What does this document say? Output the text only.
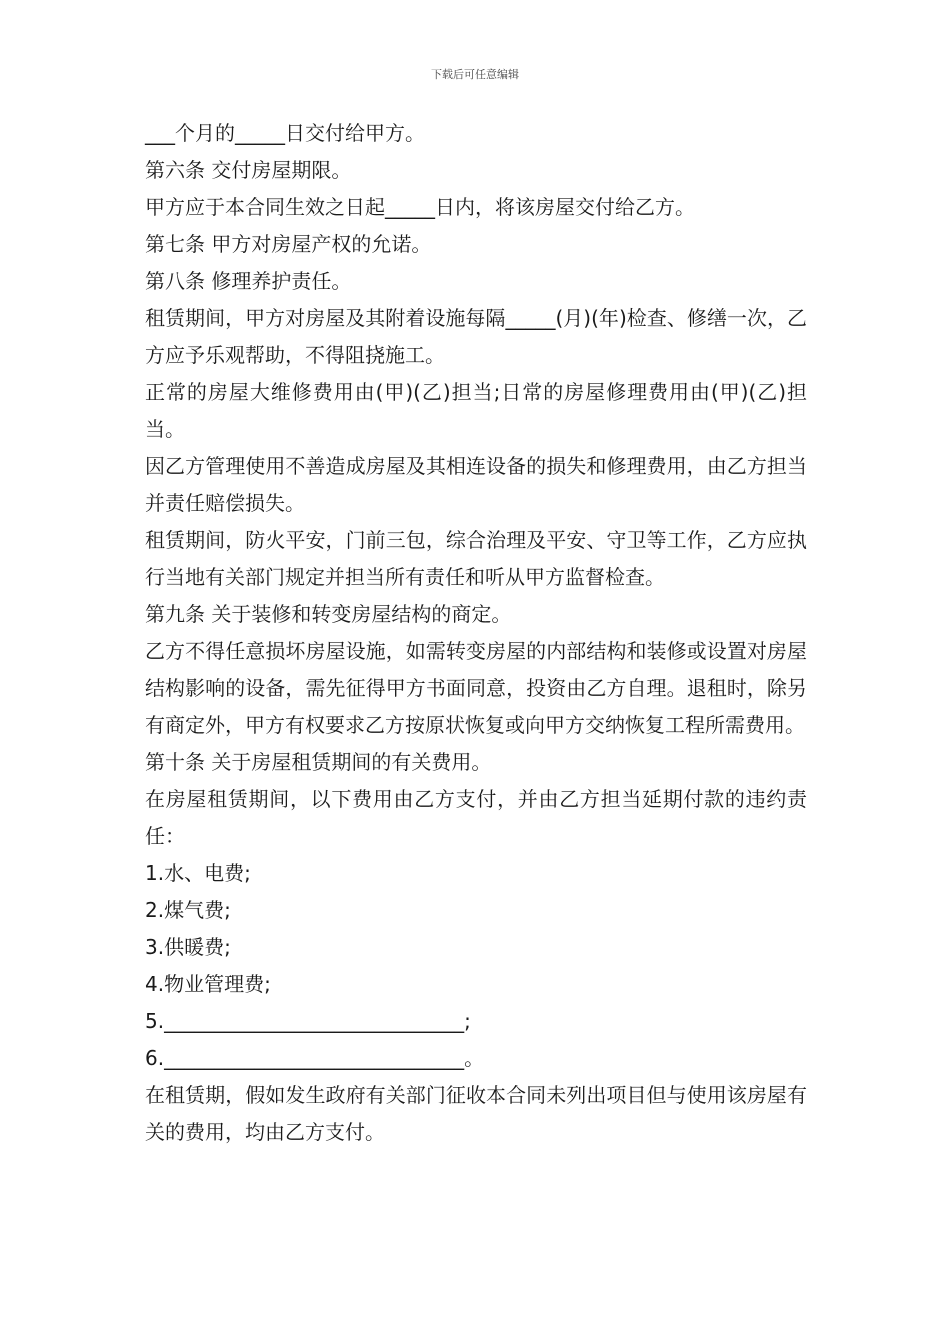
下载后可任意编辑

___个月的_____日交付给甲方。

第六条 交付房屋期限。

甲方应于本合同生效之日起_____日内，将该房屋交付给乙方。

第七条 甲方对房屋产权的允诺。

第八条 修理养护责任。

租赁期间，甲方对房屋及其附着设施每隔_____(月)(年)检查、修缮一次，乙方应予乐观帮助，不得阻挠施工。

正常的房屋大维修费用由(甲)(乙)担当;日常的房屋修理费用由(甲)(乙)担当。

因乙方管理使用不善造成房屋及其相连设备的损失和修理费用，由乙方担当并责任赔偿损失。

租赁期间，防火平安，门前三包，综合治理及平安、守卫等工作，乙方应执行当地有关部门规定并担当所有责任和听从甲方监督检查。

第九条 关于装修和转变房屋结构的商定。

乙方不得任意损坏房屋设施，如需转变房屋的内部结构和装修或设置对房屋结构影响的设备，需先征得甲方书面同意，投资由乙方自理。退租时，除另有商定外，甲方有权要求乙方按原状恢复或向甲方交纳恢复工程所需费用。

第十条 关于房屋租赁期间的有关费用。

在房屋租赁期间，以下费用由乙方支付，并由乙方担当延期付款的违约责任：

1.水、电费;

2.煤气费;

3.供暖费;

4.物业管理费;

5.______________________________;

6.______________________________。

在租赁期，假如发生政府有关部门征收本合同未列出项目但与使用该房屋有关的费用，均由乙方支付。
